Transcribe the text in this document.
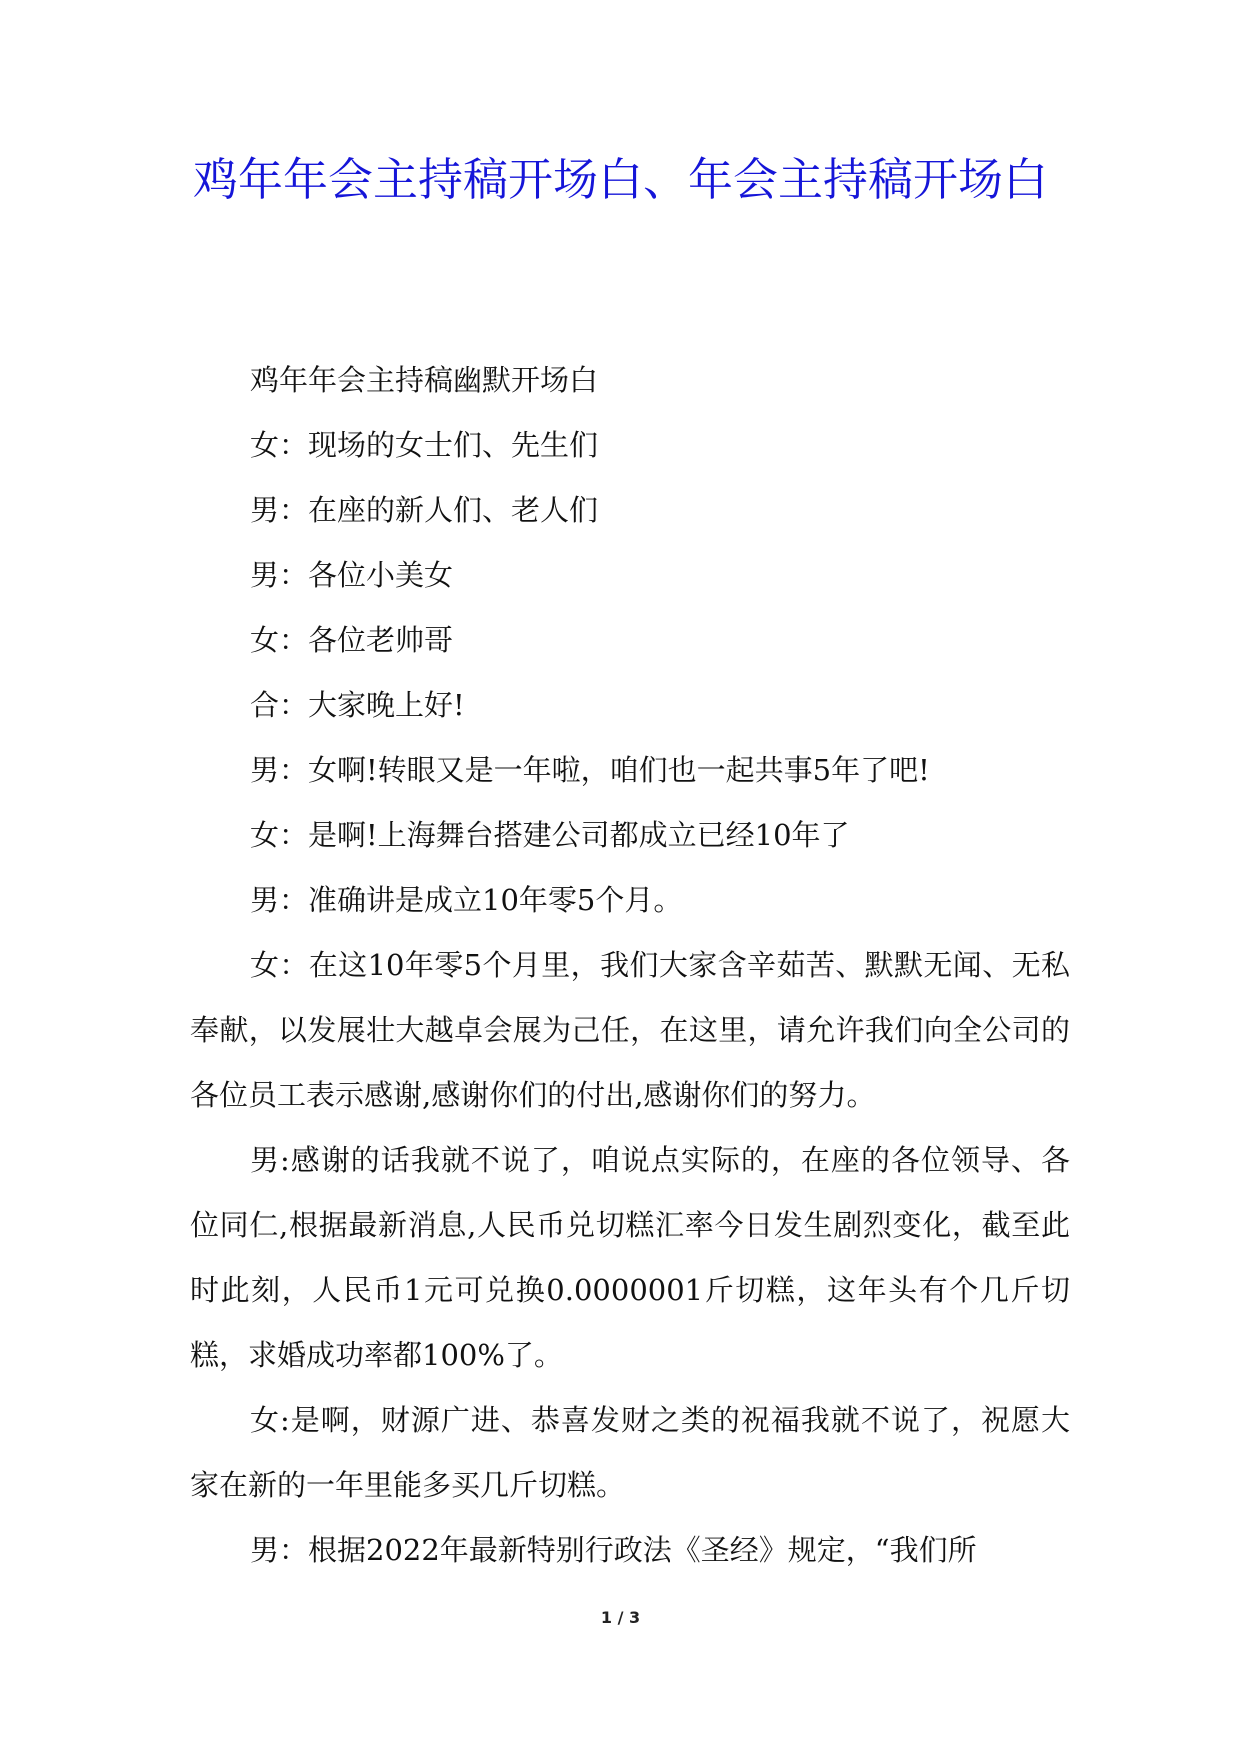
鸡年年会主持稿开场白、年会主持稿开场白

鸡年年会主持稿幽默开场白

女：现场的女士们、先生们

男：在座的新人们、老人们

男：各位小美女

女：各位老帅哥

合：大家晚上好!

男：女啊!转眼又是一年啦，咱们也一起共事5年了吧!

女：是啊!上海舞台搭建公司都成立已经10年了

男：准确讲是成立10年零5个月。

女：在这10年零5个月里，我们大家含辛茹苦、默默无闻、无私奉献，以发展壮大越卓会展为己任，在这里，请允许我们向全公司的各位员工表示感谢,感谢你们的付出,感谢你们的努力。

男:感谢的话我就不说了，咱说点实际的，在座的各位领导、各位同仁,根据最新消息,人民币兑切糕汇率今日发生剧烈变化，截至此时此刻，人民币1元可兑换0.0000001斤切糕，这年头有个几斤切糕，求婚成功率都100%了。

女:是啊，财源广进、恭喜发财之类的祝福我就不说了，祝愿大家在新的一年里能多买几斤切糕。

男：根据2022年最新特别行政法《圣经》规定，“我们所

1 / 3
